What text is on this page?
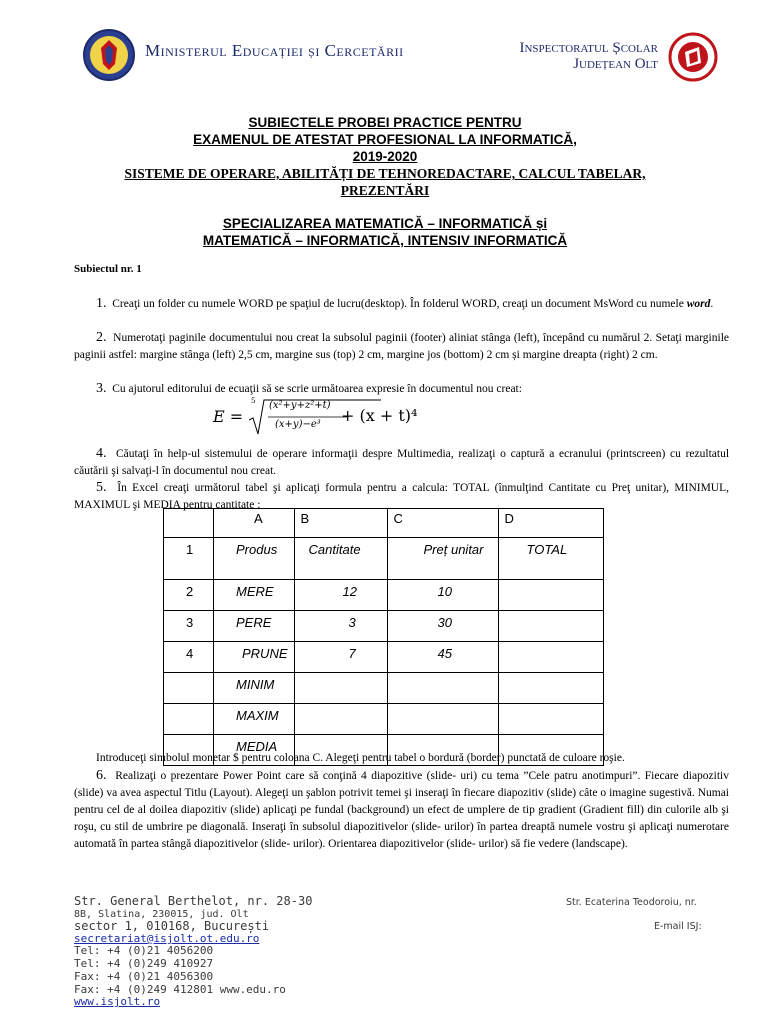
Ministerul Educației și Cercetării	Inspectoratul Școlar
Județean Olt
SUBIECTELE PROBEI PRACTICE PENTRU
EXAMENUL DE ATESTAT PROFESIONAL LA INFORMATICĂ,
2019-2020
SISTEME DE OPERARE, ABILITĂȚI DE TEHNOREDACTARE, CALCUL TABELAR,
PREZENTĂRI
SPECIALIZAREA MATEMATICĂ – INFORMATICĂ și
MATEMATICĂ – INFORMATICĂ, INTENSIV INFORMATICĂ
Subiectul nr. 1
1. Creaţi un folder cu numele WORD pe spaţiul de lucru(desktop). În folderul WORD, creaţi un document MsWord cu numele word.
2. Numerotaţi paginile documentului nou creat la subsolul paginii (footer) aliniat stânga (left), începând cu numărul 2. Setaţi marginile paginii astfel: margine stânga (left) 2,5 cm, margine sus (top) 2 cm, margine jos (bottom) 2 cm și margine dreapta (right) 2 cm.
3. Cu ajutorul editorului de ecuaţii să se scrie următoarea expresie în documentul nou creat:
E =
5 (x²+y+z²+t)
(x+y)−e³ + (x + t)⁴
4. Căutaţi în help-ul sistemului de operare informaţii despre Multimedia, realizaţi o captură a ecranului (printscreen) cu rezultatul căutării şi salvaţi-l în documentul nou creat.
5. În Excel creaţi următorul tabel şi aplicaţi formula pentru a calcula: TOTAL (înmulţind Cantitate cu Preţ unitar), MINIMUL, MAXIMUL şi MEDIA pentru cantitate :
	A	B	C	D
1	Produs	Cantitate	Preț unitar	TOTAL
2	MERE	12	10	
3	PERE	3	30	
4	PRUNE	7	45	
	MINIM			
	MAXIM			
	MEDIA			
Introduceţi simbolul monetar $ pentru coloana C. Alegeţi pentru tabel o bordură (border) punctată de culoare roşie.
6. Realizaţi o prezentare Power Point care să conţină 4 diapozitive (slide- uri) cu tema ”Cele patru anotimpuri”. Fiecare diapozitiv (slide) va avea aspectul Titlu (Layout). Alegeţi un şablon potrivit temei şi inseraţi în fiecare diapozitiv (slide) câte o imagine sugestivă. Numai pentru cel de al doilea diapozitiv (slide) aplicaţi pe fundal (background) un efect de umplere de tip gradient (Gradient fill) din culorile alb şi roşu, cu stil de umbrire pe diagonală. Inseraţi în subsolul diapozitivelor (slide- urilor) în partea dreaptă numele vostru şi aplicaţi numerotare automată în partea stângă diapozitivelor (slide- urilor). Orientarea diapozitivelor (slide- urilor) să fie vedere (landscape).
Str. General Berthelot, nr. 28-30
8B, Slatina, 230015, jud. Olt
sector 1, 010168, București
secretariat@isjolt.ot.edu.ro
Tel: +4 (0)21 4056200
Tel: +4 (0)249 410927
Fax: +4 (0)21 4056300
Fax: +4 (0)249 412801 www.edu.ro
www.isjolt.ro
Str. Ecaterina Teodoroiu, nr.
E-mail ISJ:
